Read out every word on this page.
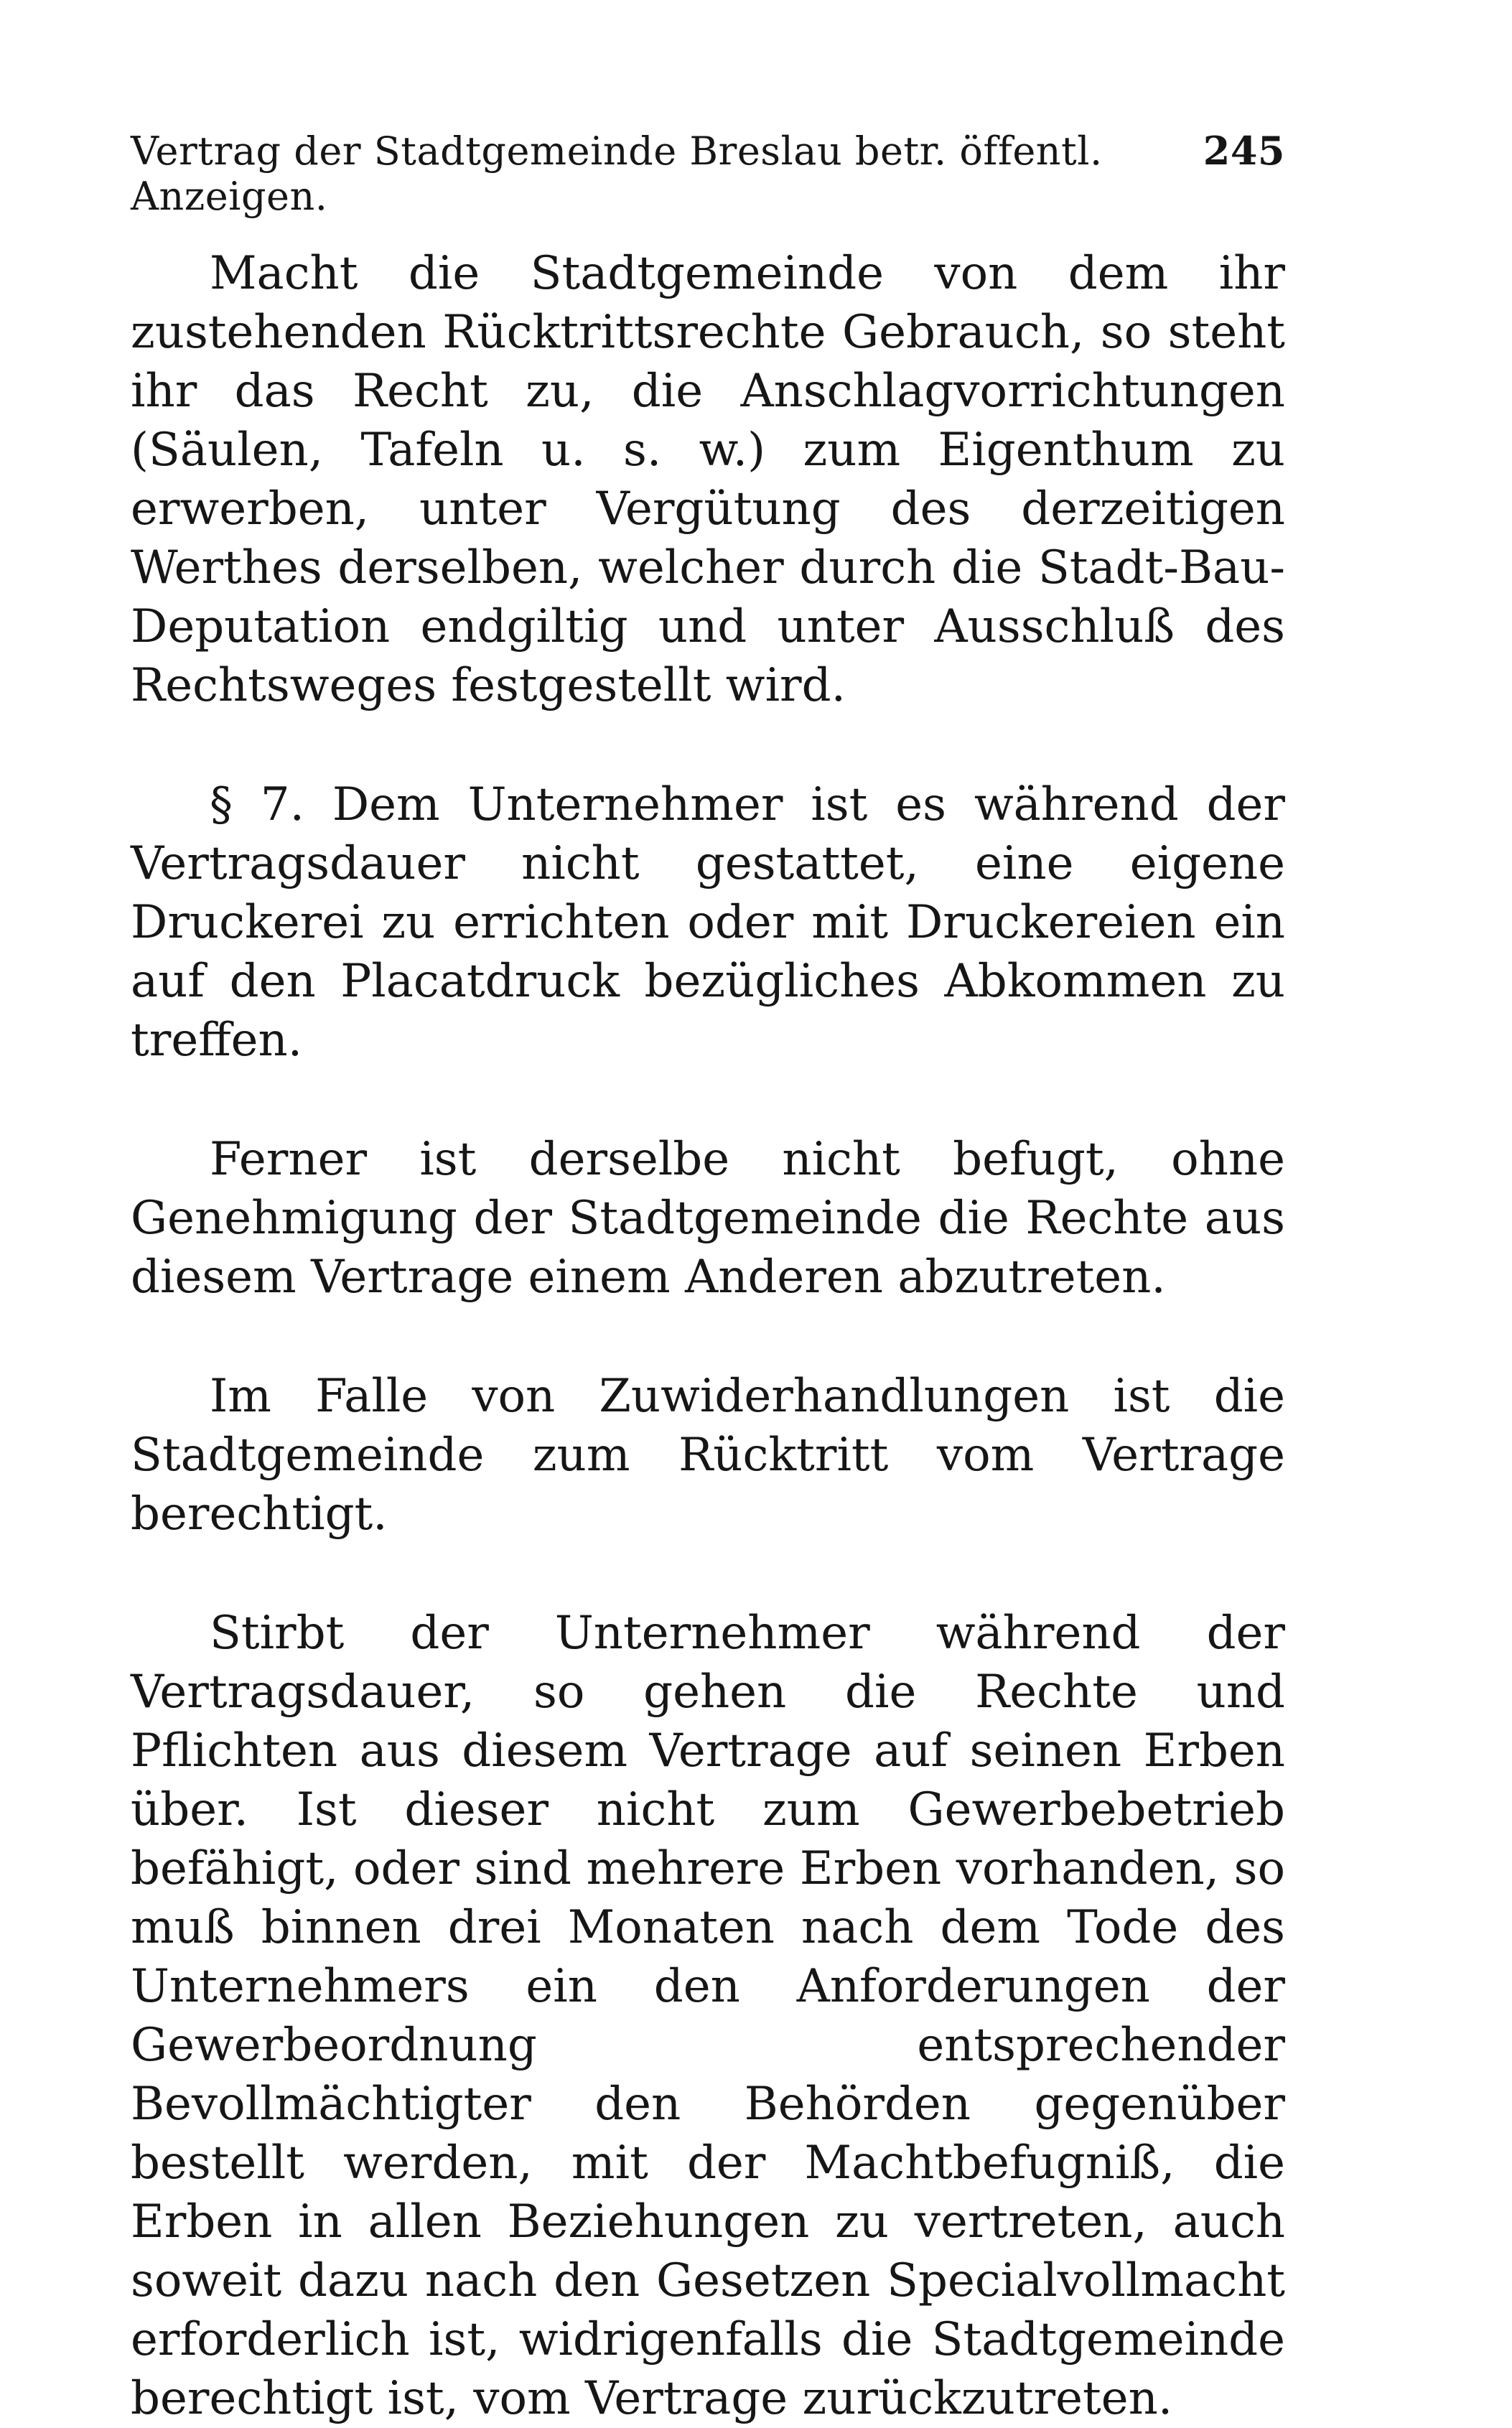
Vertrag der Stadtgemeinde Breslau betr. öffentl. Anzeigen.
245

Macht die Stadtgemeinde von dem ihr zustehenden Rücktrittsrechte Gebrauch, so steht ihr das Recht zu, die Anschlagvorrichtungen (Säulen, Tafeln u. s. w.) zum Eigenthum zu erwerben, unter Vergütung des derzeitigen Werthes derselben, welcher durch die Stadt-Bau-Deputation endgiltig und unter Ausschluß des Rechtsweges festgestellt wird.

§ 7. Dem Unternehmer ist es während der Vertragsdauer nicht gestattet, eine eigene Druckerei zu errichten oder mit Druckereien ein auf den Placatdruck bezügliches Abkommen zu treffen.

Ferner ist derselbe nicht befugt, ohne Genehmigung der Stadtgemeinde die Rechte aus diesem Vertrage einem Anderen abzutreten.

Im Falle von Zuwiderhandlungen ist die Stadtgemeinde zum Rücktritt vom Vertrage berechtigt.

Stirbt der Unternehmer während der Vertragsdauer, so gehen die Rechte und Pflichten aus diesem Vertrage auf seinen Erben über. Ist dieser nicht zum Gewerbebetrieb befähigt, oder sind mehrere Erben vorhanden, so muß binnen drei Monaten nach dem Tode des Unternehmers ein den Anforderungen der Gewerbeordnung entsprechender Bevollmächtigter den Behörden gegenüber bestellt werden, mit der Machtbefugniß, die Erben in allen Beziehungen zu vertreten, auch soweit dazu nach den Gesetzen Specialvollmacht erforderlich ist, widrigenfalls die Stadtgemeinde berechtigt ist, vom Vertrage zurückzutreten.
